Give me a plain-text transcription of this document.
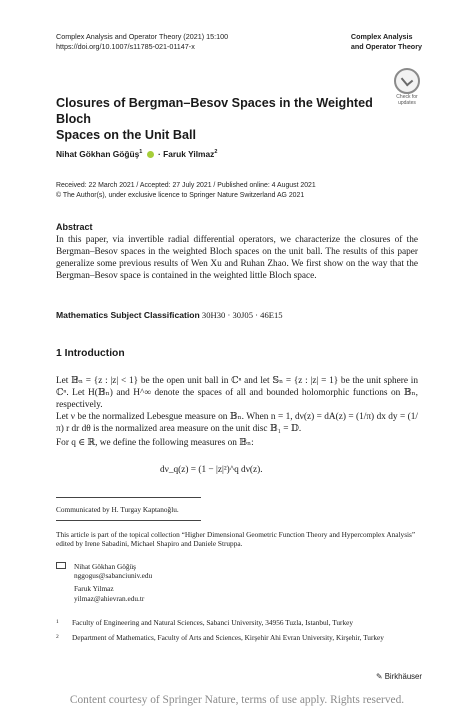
Complex Analysis and Operator Theory (2021) 15:100
https://doi.org/10.1007/s11785-021-01147-x
Complex Analysis
and Operator Theory
Check for
updates
Closures of Bergman–Besov Spaces in the Weighted Bloch
Spaces on the Unit Ball
Nihat Gökhan Göğüş$^1$ · Faruk Yilmaz$^2$
Received: 22 March 2021 / Accepted: 27 July 2021 / Published online: 4 August 2021
© The Author(s), under exclusive licence to Springer Nature Switzerland AG 2021
Abstract
In this paper, via invertible radial differential operators, we characterize the closures of the Bergman–Besov spaces in the weighted Bloch spaces on the unit ball. The results of this paper generalize some previous results of Wen Xu and Ruhan Zhao. We first show on the way that the Bergman–Besov space is contained in the weighted little Bloch space.
Mathematics Subject Classification 30H30 · 30J05 · 46E15
1 Introduction
Let 𝔹ₙ = {z : |z| < 1} be the open unit ball in ℂⁿ and let 𝕊ₙ = {z : |z| = 1} be the unit sphere in ℂⁿ. Let H(𝔹ₙ) and H^∞ denote the spaces of all and bounded holomorphic functions on 𝔹ₙ, respectively.
Let ν be the normalized Lebesgue measure on 𝔹ₙ. When n = 1, dν(z) = dA(z) = (1/π) dx dy = (1/π) r dr dθ is the normalized area measure on the unit disc 𝔹₁ = 𝔻.
For q ∈ ℝ, we define the following measures on 𝔹ₙ:
dν_q(z) = (1 − |z|²)^q dν(z).
Communicated by H. Turgay Kaptanoğlu.
This article is part of the topical collection “Higher Dimensional Geometric Function Theory and Hypercomplex Analysis” edited by Irene Sabadini, Michael Shapiro and Daniele Struppa.
Nihat Gökhan Göğüş
nggogus@sabanciuniv.edu
Faruk Yilmaz
yilmaz@ahievran.edu.tr
1	Faculty of Engineering and Natural Sciences, Sabanci University, 34956 Tuzla, Istanbul, Turkey
2	Department of Mathematics, Faculty of Arts and Sciences, Kirşehir Ahi Evran University, Kirşehir, Turkey
✎ Birkhäuser
Content courtesy of Springer Nature, terms of use apply. Rights reserved.
